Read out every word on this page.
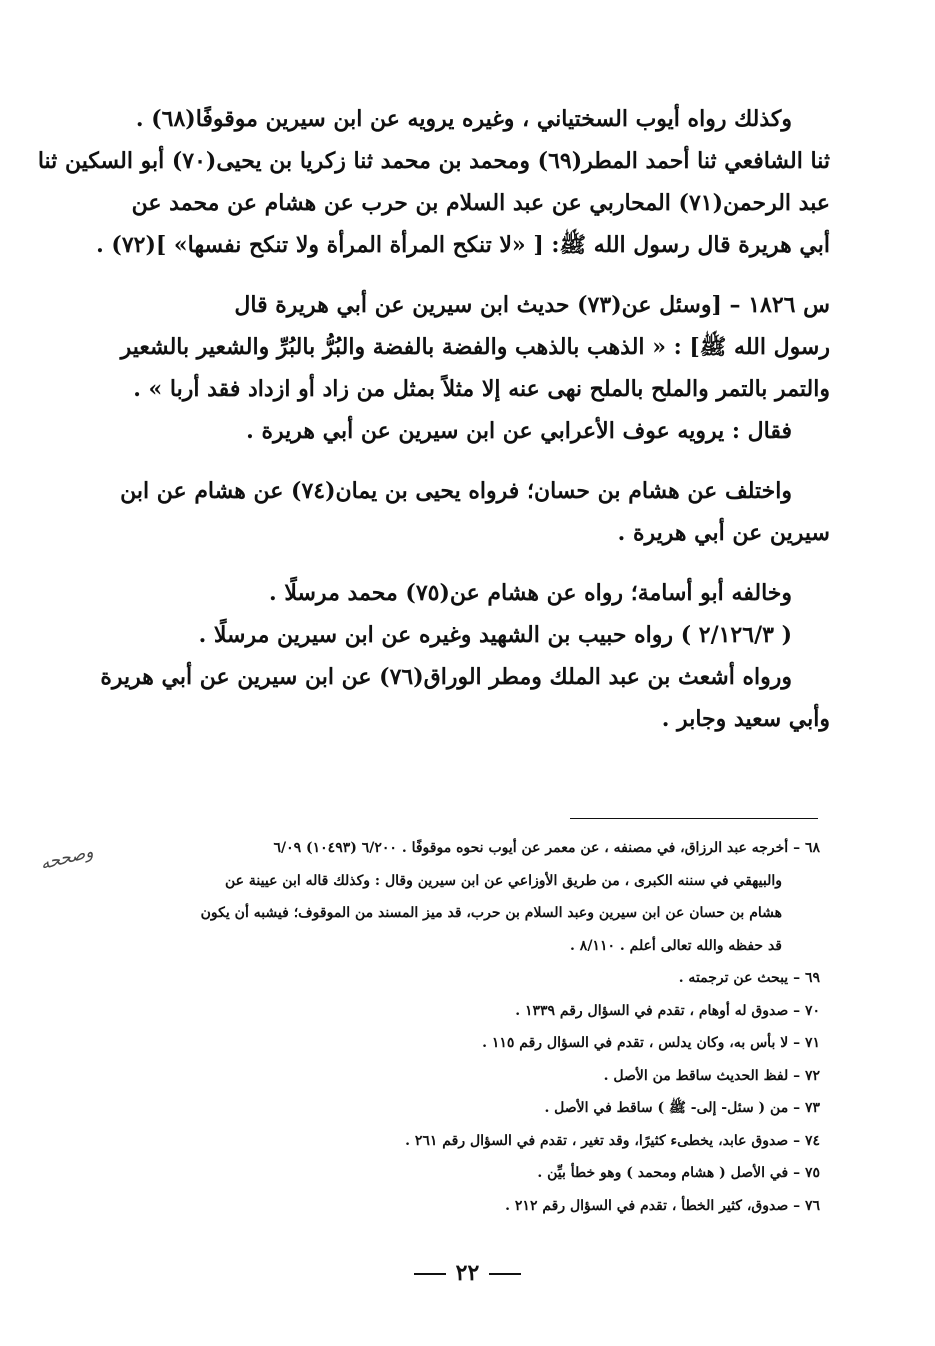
وكذلك رواه أيوب السختياني ، وغيره يرويه عن ابن سيرين موقوفًا(٦٨) .
ثنا الشافعي ثنا أحمد المطر(٦٩) ومحمد بن محمد ثنا زكريا بن يحيى(٧٠) أبو السكين ثنا
عبد الرحمن(٧١) المحاربي عن عبد السلام بن حرب عن هشام عن محمد عن
أبي هريرة قال رسول الله ﷺ: [ «لا تنكح المرأة المرأة ولا تنكح نفسها» ](٧٢) .
س ١٨٢٦ – [وسئل عن(٧٣) حديث ابن سيرين عن أبي هريرة قال
رسول الله ﷺ] : « الذهب بالذهب والفضة بالفضة والبُرُّ بالبُرِّ والشعير بالشعير
والتمر بالتمر والملح بالملح نهى عنه إلا مثلاً بمثل من زاد أو ازداد فقد أربا » .
فقال : يرويه عوف الأعرابي عن ابن سيرين عن أبي هريرة .
واختلف عن هشام بن حسان؛ فرواه يحيى بن يمان(٧٤) عن هشام عن ابن
سيرين عن أبي هريرة .
وخالفه أبو أسامة؛ رواه عن هشام عن(٧٥) محمد مرسلًا .
( ٢/١٢٦/٣ ) رواه حبيب بن الشهيد وغيره عن ابن سيرين مرسلًا .
ورواه أشعث بن عبد الملك ومطر الوراق(٧٦) عن ابن سيرين عن أبي هريرة
وأبي سعيد وجابر .
وصححه	٦٨ – أخرجه عبد الرزاق، في مصنفه ، عن معمر عن أيوب نحوه موقوفًا . ٦/٢٠٠ (١٠٤٩٣) ٦/٠٩
والبيهقي في سننه الكبرى ، من طريق الأوزاعي عن ابن سيرين وقال : وكذلك قاله ابن عيينة عن
هشام بن حسان عن ابن سيرين وعبد السلام بن حرب، قد ميز المسند من الموقوف؛ فيشبه أن يكون
قد حفظه والله تعالى أعلم . ٨/١١٠ .
٦٩ – يبحث عن ترجمته .
٧٠ – صدوق له أوهام ، تقدم في السؤال رقم ١٣٣٩ .
٧١ – لا بأس به، وكان يدلس ، تقدم في السؤال رقم ١١٥ .
٧٢ – لفظ الحديث ساقط من الأصل .
٧٣ – من ( سئل- إلى- ﷺ ) ساقط في الأصل .
٧٤ – صدوق عابد، يخطىء كثيرًا، وقد تغير ، تقدم في السؤال رقم ٢٦١ .
٧٥ – في الأصل ( هشام ومحمد ) وهو خطأ بيِّن .
٧٦ – صدوق، كثير الخطأ ، تقدم في السؤال رقم ٢١٢ .
٢٢
